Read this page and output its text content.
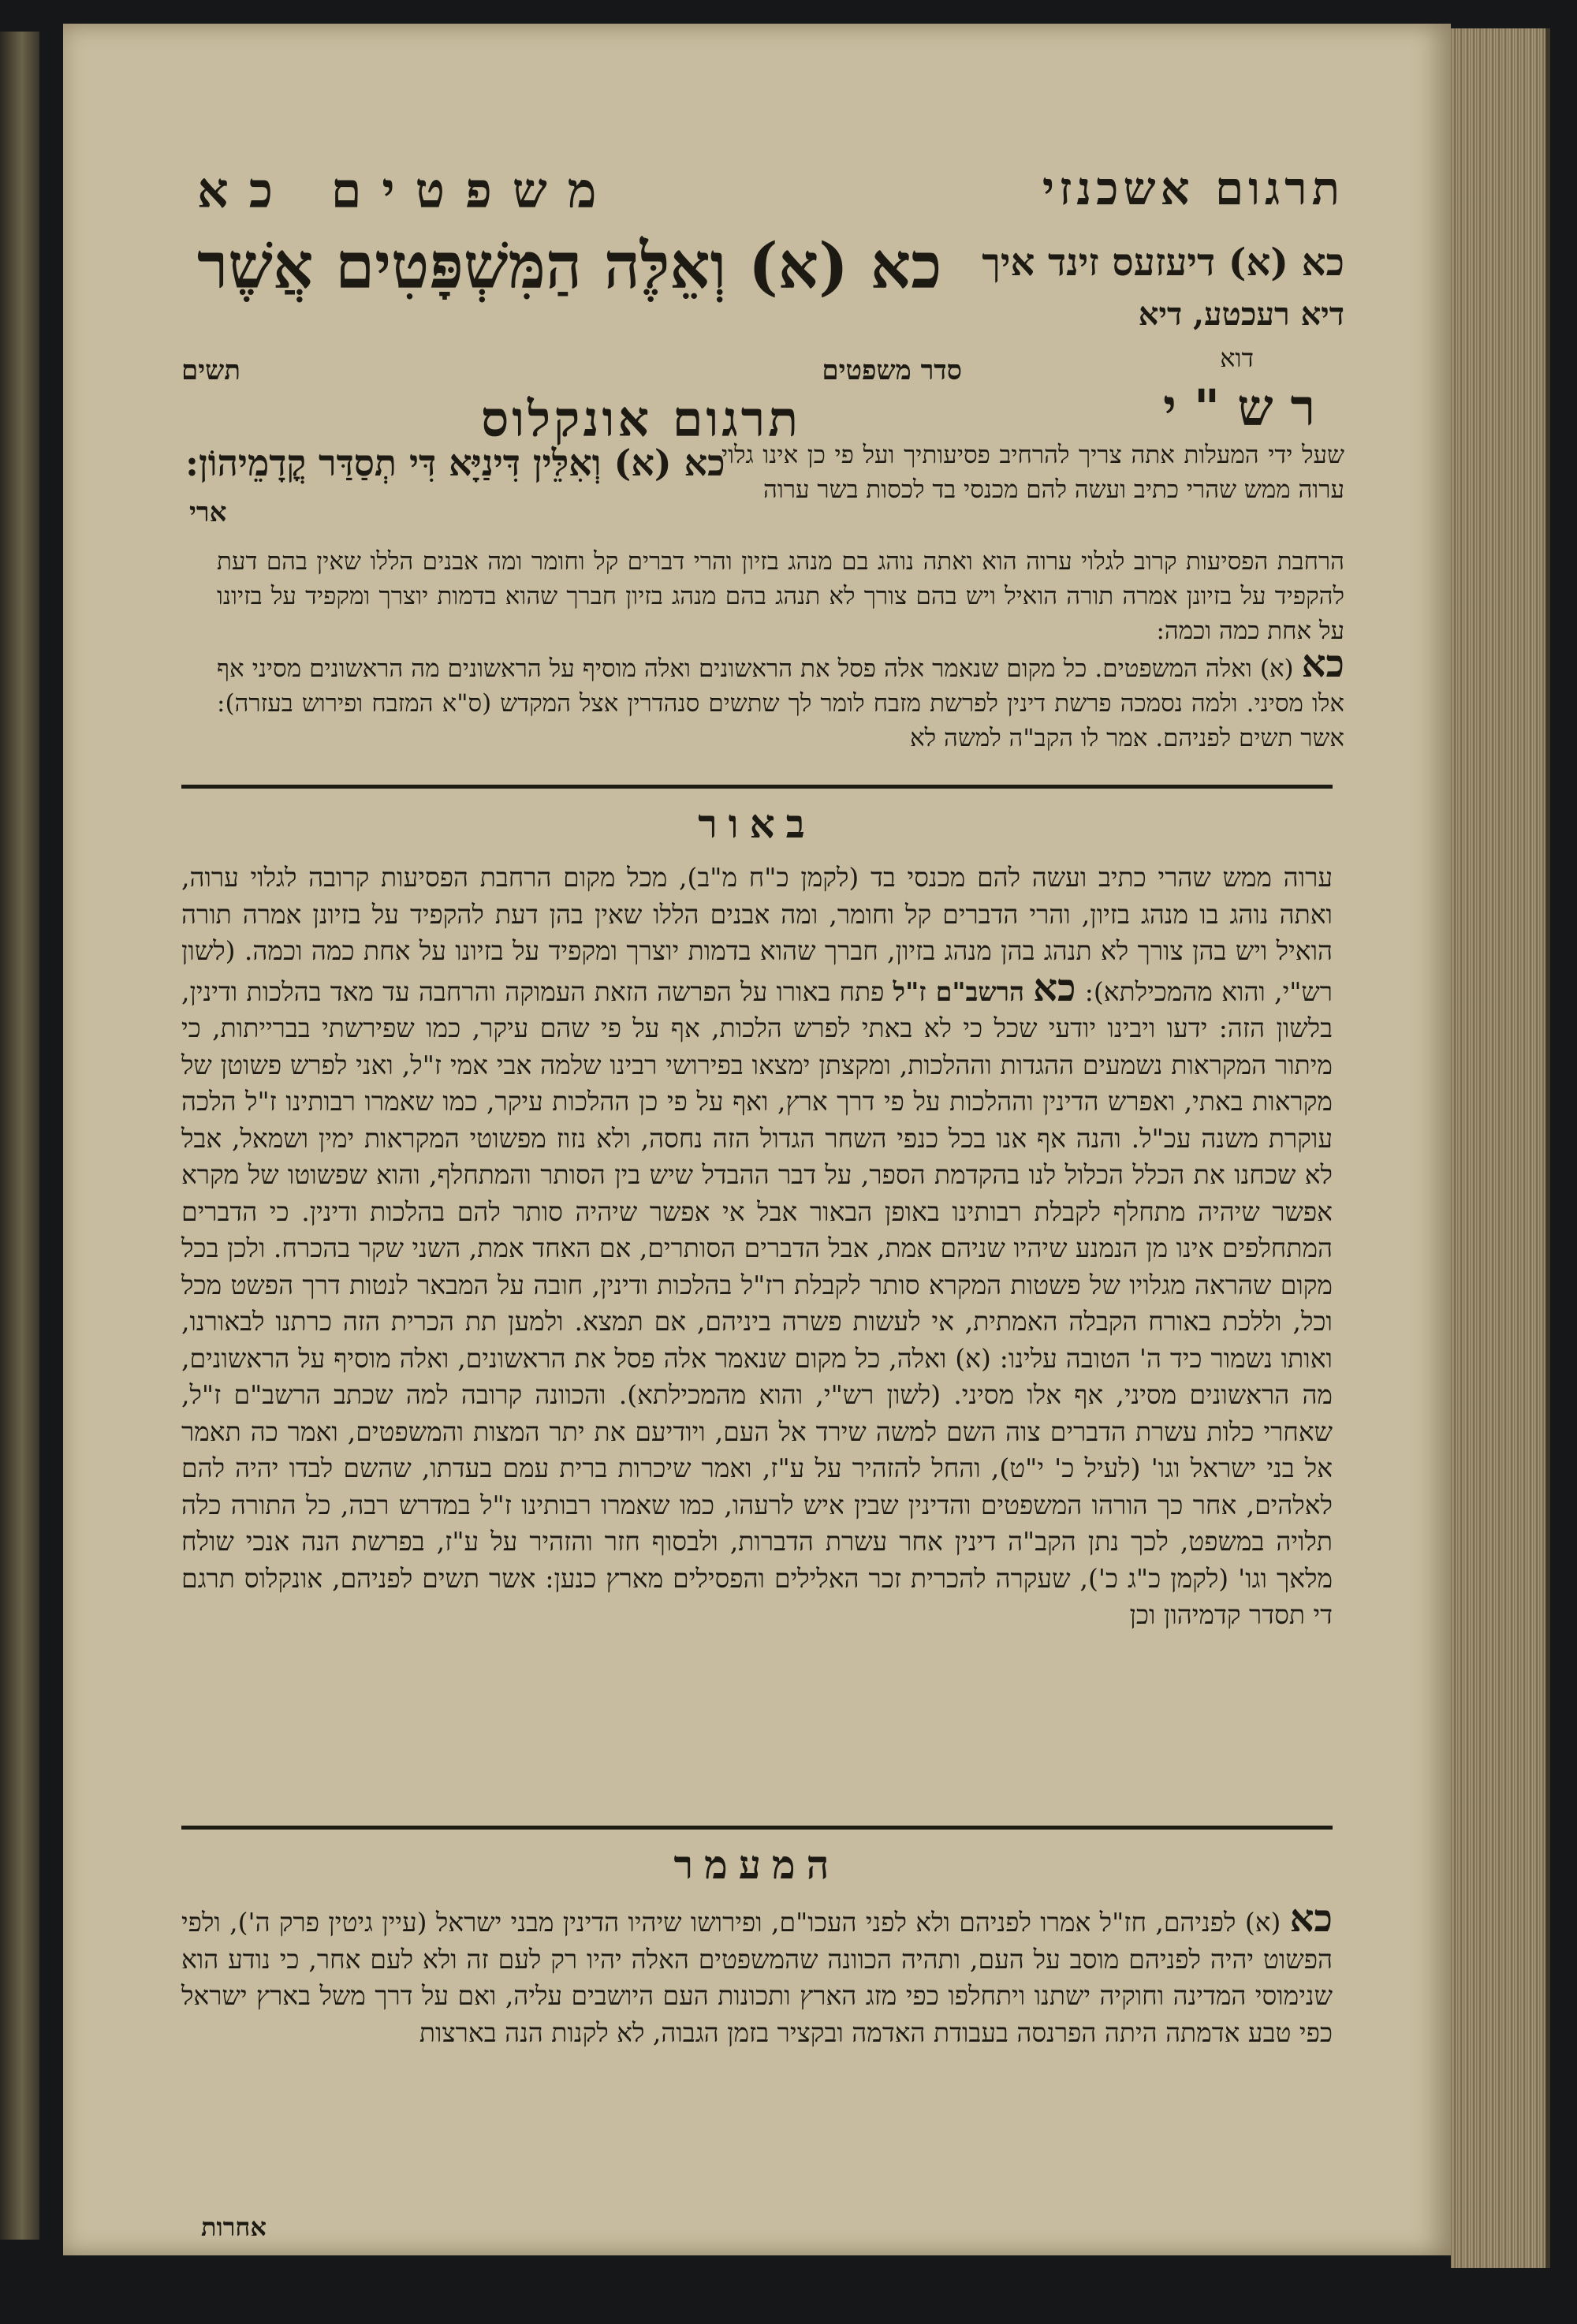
תרגום אשכנזי
משפטים כא
כא (א) דיעזעס זינד איך
דיא רעכטע, דיא
דוא
כא (א) וְאֵלֶּה הַמִּשְׁפָּטִים אֲשֶׁר
סדר משפטים
תשים
רש"י
תרגום אונקלוס
כא (א) וְאִלֵּין דִּינַיָּא דִּי תְסַדַּר קֳדָמֵיהוֹן:
ארי
שעל ידי המעלות אתה צריך להרחיב פסיעותיך ועל פי כן אינו גלוי ערוה ממש שהרי כתיב ועשה להם מכנסי בד לכסות בשר ערוה
הרחבת הפסיעות קרוב לגלוי ערוה הוא ואתה נוהג בם מנהג בזיון והרי דברים קל וחומר ומה אבנים הללו שאין בהם דעת להקפיד על בזיונן אמרה תורה הואיל ויש בהם צורך לא תנהג בהם מנהג בזיון חברך שהוא בדמות יוצרך ומקפיד על בזיונו על אחת כמה וכמה:
כא (א) ואלה המשפטים. כל מקום שנאמר אלה פסל את הראשונים ואלה מוסיף על הראשונים מה הראשונים מסיני אף אלו מסיני. ולמה נסמכה פרשת דינין לפרשת מזבח לומר לך שתשים סנהדרין אצל המקדש (ס"א המזבח ופירוש בעזרה): אשר תשים לפניהם. אמר לו הקב"ה למשה לא
באור
ערוה ממש שהרי כתיב ועשה להם מכנסי בד (לקמן כ"ח מ"ב), מכל מקום הרחבת הפסיעות קרובה לגלוי ערוה, ואתה נוהג בו מנהג בזיון, והרי הדברים קל וחומר, ומה אבנים הללו שאין בהן דעת להקפיד על בזיונן אמרה תורה הואיל ויש בהן צורך לא תנהג בהן מנהג בזיון, חברך שהוא בדמות יוצרך ומקפיד על בזיונו על אחת כמה וכמה. (לשון רש"י, והוא מהמכילתא): כא הרשב"ם ז"ל פתח באורו על הפרשה הזאת העמוקה והרחבה עד מאד בהלכות ודינין, בלשון הזה: ידעו ויבינו יודעי שכל כי לא באתי לפרש הלכות, אף על פי שהם עיקר, כמו שפירשתי בברייתות, כי מיתור המקראות נשמעים ההגדות וההלכות, ומקצתן ימצאו בפירושי רבינו שלמה אבי אמי ז"ל, ואני לפרש פשוטן של מקראות באתי, ואפרש הדינין וההלכות על פי דרך ארץ, ואף על פי כן ההלכות עיקר, כמו שאמרו רבותינו ז"ל הלכה עוקרת משנה עכ"ל. והנה אף אנו בכל כנפי השחר הגדול הזה נחסה, ולא נזוז מפשוטי המקראות ימין ושמאל, אבל לא שכחנו את הכלל הכלול לנו בהקדמת הספר, על דבר ההבדל שיש בין הסותר והמתחלף, והוא שפשוטו של מקרא אפשר שיהיה מתחלף לקבלת רבותינו באופן הבאור אבל אי אפשר שיהיה סותר להם בהלכות ודינין. כי הדברים המתחלפים אינו מן הנמנע שיהיו שניהם אמת, אבל הדברים הסותרים, אם האחד אמת, השני שקר בהכרח. ולכן בכל מקום שהראה מגלויו של פשטות המקרא סותר לקבלת רז"ל בהלכות ודינין, חובה על המבאר לנטות דרך הפשט מכל וכל, וללכת באורח הקבלה האמתית, אי לעשות פשרה ביניהם, אם תמצא. ולמען תת הכרית הזה כרתנו לבאורנו, ואותו נשמור כיד ה' הטובה עלינו: (א) ואלה, כל מקום שנאמר אלה פסל את הראשונים, ואלה מוסיף על הראשונים, מה הראשונים מסיני, אף אלו מסיני. (לשון רש"י, והוא מהמכילתא). והכוונה קרובה למה שכתב הרשב"ם ז"ל, שאחרי כלות עשרת הדברים צוה השם למשה שירד אל העם, ויודיעם את יתר המצות והמשפטים, ואמר כה תאמר אל בני ישראל וגו' (לעיל כ' י"ט), והחל להזהיר על ע"ז, ואמר שיכרות ברית עמם בעדתו, שהשם לבדו יהיה להם לאלהים, אחר כך הורהו המשפטים והדינין שבין איש לרעהו, כמו שאמרו רבותינו ז"ל במדרש רבה, כל התורה כלה תלויה במשפט, לכך נתן הקב"ה דינין אחר עשרת הדברות, ולבסוף חזר והזהיר על ע"ז, בפרשת הנה אנכי שולח מלאך וגו' (לקמן כ"ג כ'), שעקרה להכרית זכר האלילים והפסילים מארץ כנען: אשר תשים לפניהם, אונקלוס תרגם די תסדר קדמיהון וכן
המעמר
כא (א) לפניהם, חז"ל אמרו לפניהם ולא לפני העכו"ם, ופירושו שיהיו הדינין מבני ישראל (עיין גיטין פרק ה'), ולפי הפשוט יהיה לפניהם מוסב על העם, ותהיה הכוונה שהמשפטים האלה יהיו רק לעם זה ולא לעם אחר, כי נודע הוא שנימוסי המדינה וחוקיה ישתנו ויתחלפו כפי מזג הארץ ותכונות העם היושבים עליה, ואם על דרך משל בארץ ישראל כפי טבע אדמתה היתה הפרנסה בעבודת האדמה ובקציר בזמן הגבוה, לא לקנות הנה בארצות
אחרות
